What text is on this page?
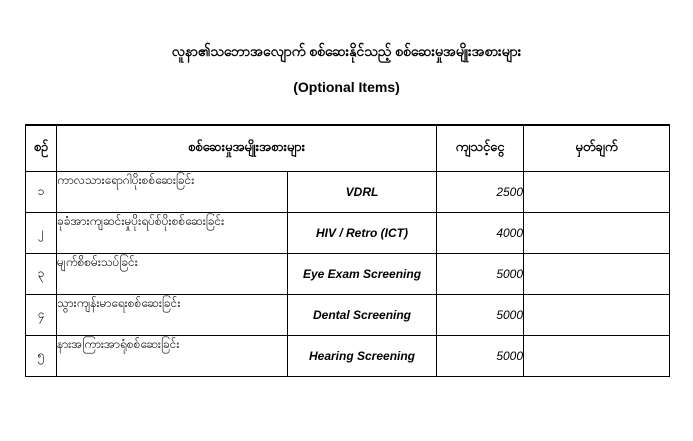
လူနာ၏သဘောအလျောက် စစ်ဆေးနိုင်သည့် စစ်ဆေးမှုအမျိုးအစားများ
(Optional Items)
စဉ်	စစ်ဆေးမှုအမျိုးအစားများ		ကျသင့်ငွေ	မှတ်ချက်
၁	ကာလသားရောဂါပိုးစစ်ဆေးခြင်း	VDRL	2500	
၂	ခုခံအားကျဆင်းမှုပိုးရပ်စ်ပိုးစစ်ဆေးခြင်း	HIV / Retro (ICT)	4000	
၃	မျက်စိစမ်းသပ်ခြင်း	Eye Exam Screening	5000	
၄	သွားကျန်းမာရေးစစ်ဆေးခြင်း	Dental Screening	5000	
၅	နားအကြားအာရုံစစ်ဆေးခြင်း	Hearing Screening	5000	
